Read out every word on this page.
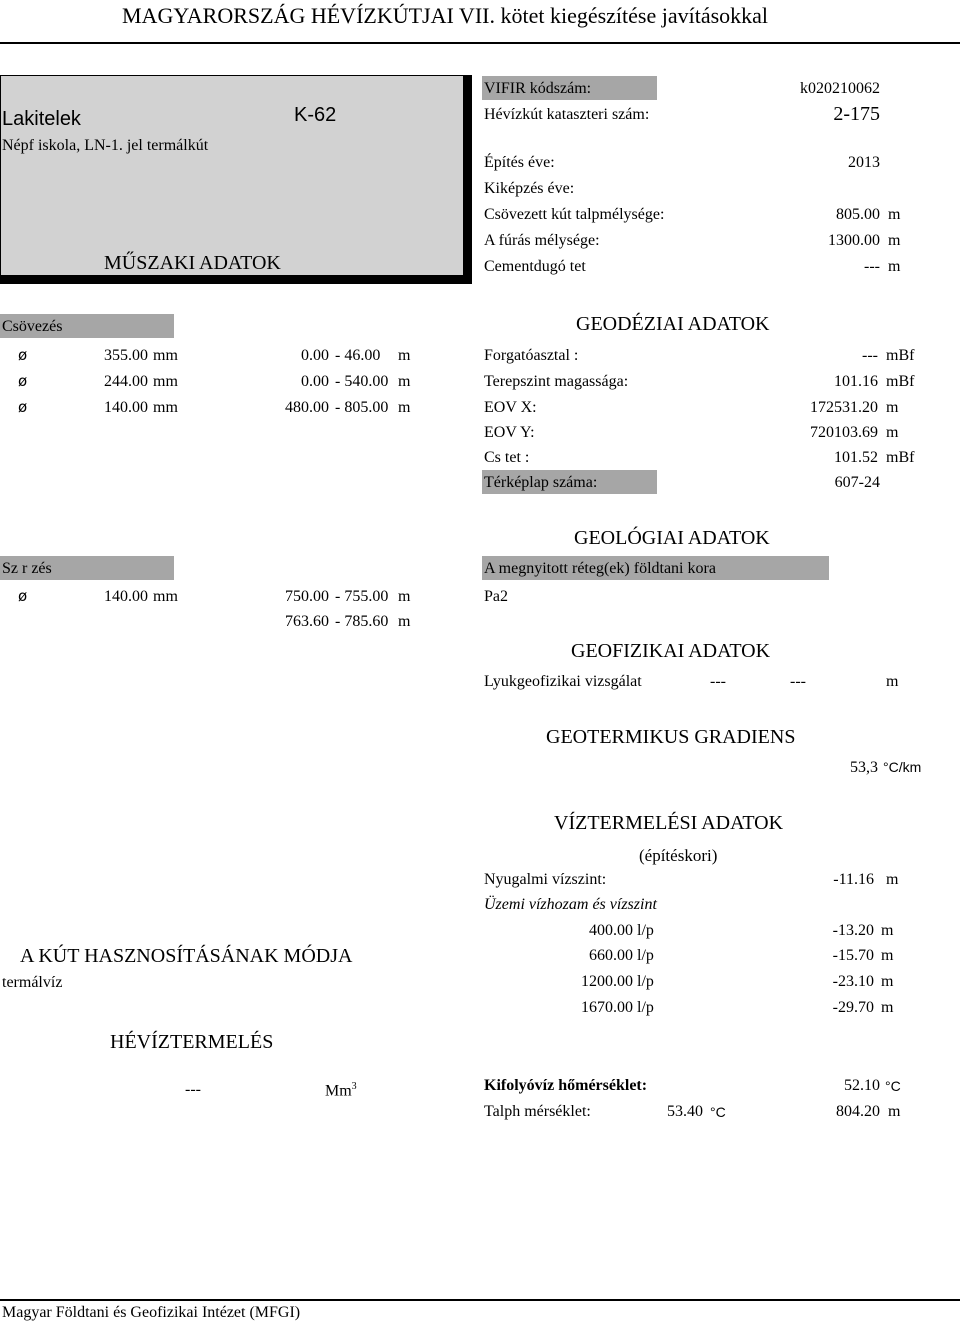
MAGYARORSZÁG HÉVÍZKÚTJAI VII. kötet kiegészítése javításokkal
Lakitelek	K-62
Népf iskola, LN-1. jel termálkút
MŰSZAKI ADATOK
VIFIR kódszám:	k020210062
Hévízkút kataszteri szám:	2-175
Építés éve:	2013
Kiképzés éve:
Csövezett kút talpmélysége:	805.00 m
A fúrás mélysége:	1300.00 m
Cementdugó tet	--- m
Csövezés
ø	355.00 mm	0.00 - 46.00 m
ø	244.00 mm	0.00 - 540.00 m
ø	140.00 mm	480.00 - 805.00 m
GEODÉZIAI ADATOK
Forgatóasztal :	--- mBf
Terepszint magassága:	101.16 mBf
EOV X:	172531.20 m
EOV Y:	720103.69 m
Cs tet :	101.52 mBf
Térképlap száma:	607-24
GEOLÓGIAI ADATOK
A megnyitott réteg(ek) földtani kora
Pa2
Sz r zés
ø	140.00 mm	750.00 - 755.00 m
763.60 - 785.60 m
GEOFIZIKAI ADATOK
Lyukgeofizikai vizsgálat	---	---	m
GEOTERMIKUS GRADIENS
53,3 °C/km
VÍZTERMELÉSI ADATOK
(építéskori)
Nyugalmi vízszint:	-11.16 m
Üzemi vízhozam és vízszint
400.00 l/p	-13.20 m
660.00 l/p	-15.70 m
1200.00 l/p	-23.10 m
1670.00 l/p	-29.70 m
Kifolyóvíz hőmérséklet:	52.10 °C
Talph mérséklet:	53.40 °C	804.20 m
A KÚT HASZNOSÍTÁSÁNAK MÓDJA
termálvíz
HÉVÍZTERMELÉS
---	Mm$^3$
Magyar Földtani és Geofizikai Intézet (MFGI)
